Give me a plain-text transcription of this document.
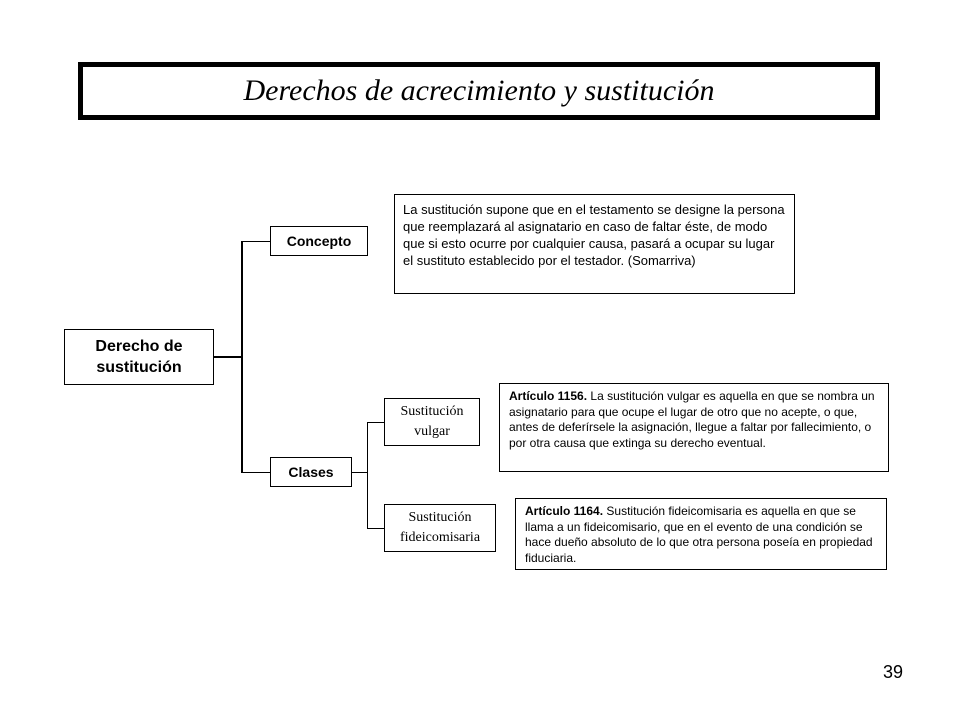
Derechos de acrecimiento y sustitución
Derecho de sustitución
Concepto
La sustitución supone que en el testamento se designe la persona que reemplazará al asignatario en caso de faltar éste, de modo que si esto ocurre por cualquier causa, pasará a ocupar su lugar el sustituto establecido por el testador. (Somarriva)
Clases
Sustitución vulgar
Sustitución fideicomisaria
Artículo 1156. La sustitución vulgar es aquella en que se nombra un asignatario para que ocupe el lugar de otro que no acepte, o que, antes de deferírsele la asignación, llegue a faltar por fallecimiento, o por otra causa que extinga su derecho eventual.
Artículo 1164. Sustitución fideicomisaria es aquella en que se llama a un fideicomisario, que en el evento de una condición se hace dueño absoluto de lo que otra persona poseía en propiedad fiduciaria.
39
